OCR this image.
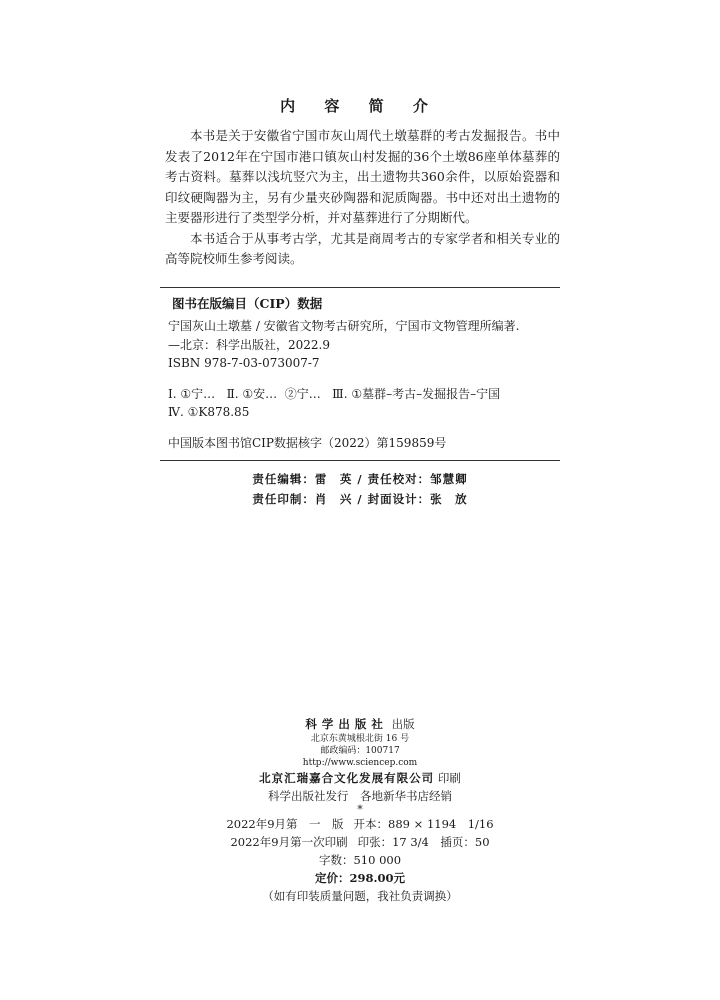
内 容 简 介

本书是关于安徽省宁国市灰山周代土墩墓群的考古发掘报告。书中发表了2012年在宁国市港口镇灰山村发掘的36个土墩86座单体墓葬的考古资料。墓葬以浅坑竖穴为主，出土遗物共360余件，以原始瓷器和印纹硬陶器为主，另有少量夹砂陶器和泥质陶器。书中还对出土遗物的主要器形进行了类型学分析，并对墓葬进行了分期断代。

本书适合于从事考古学，尤其是商周考古的专家学者和相关专业的高等院校师生参考阅读。

图书在版编目（CIP）数据
宁国灰山土墩墓 / 安徽省文物考古研究所，宁国市文物管理所编著.
—北京：科学出版社，2022.9
ISBN 978-7-03-073007-7
Ⅰ. ①宁…   Ⅱ. ①安…  ②宁…   Ⅲ. ①墓群–考古–发掘报告–宁国
Ⅳ. ①K878.85
中国版本图书馆CIP数据核字（2022）第159859号
责任编辑：雷　英 / 责任校对：邹慧卿
责任印制：肖　兴 / 封面设计：张　放
科学出版社 出版
北京东黄城根北街 16 号
邮政编码：100717
http://www.sciencep.com
北京汇瑞嘉合文化发展有限公司 印刷
科学出版社发行　各地新华书店经销
*
2022年9月第　一　版 开本：889 × 1194　1/16
2022年9月第一次印刷 印张：17 3/4　插页：50
字数：510 000
定价：298.00元
（如有印装质量问题，我社负责调换）
